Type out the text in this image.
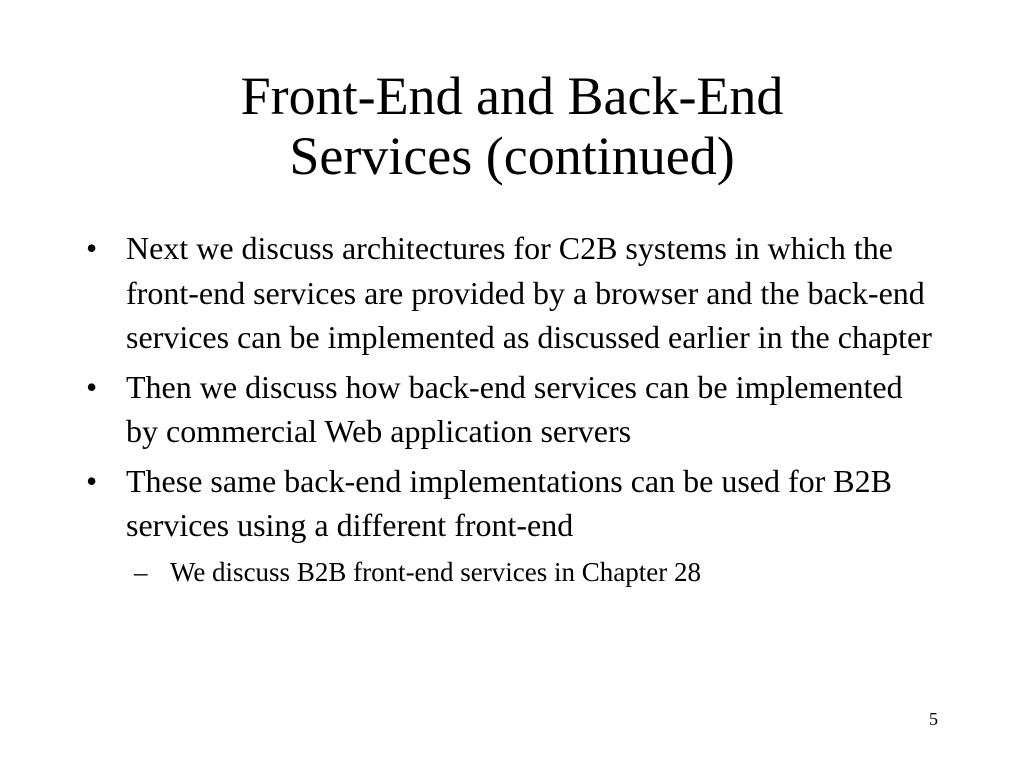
Front-End and Back-End
Services (continued)
• Next we discuss architectures for C2B systems in which the front-end services are provided by a browser and the back-end services can be implemented as discussed earlier in the chapter
• Then we discuss how back-end services can be implemented by commercial Web application servers
• These same back-end implementations can be used for B2B services using a different front-end
– We discuss B2B front-end services in Chapter 28
5
